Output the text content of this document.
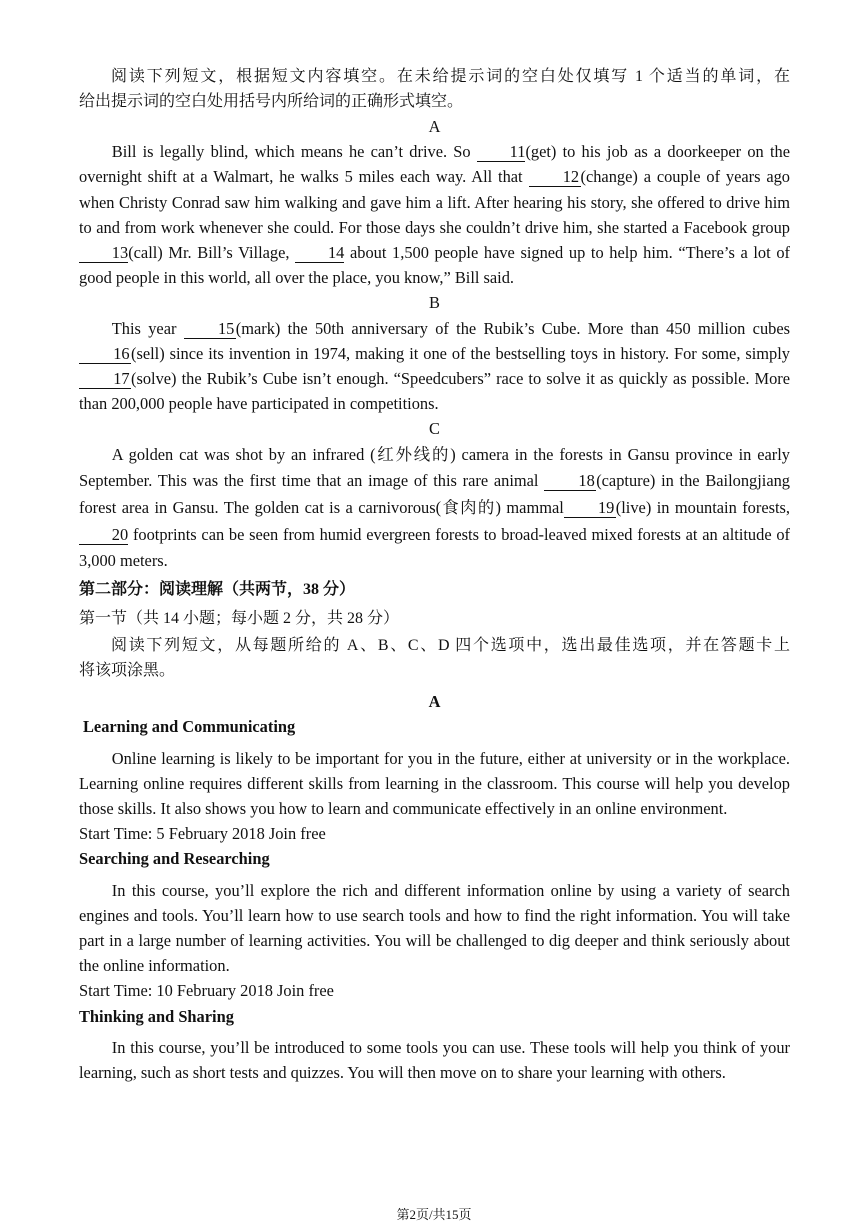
阅读下列短文，根据短文内容填空。在未给提示词的空白处仅填写 1 个适当的单词，在

给出提示词的空白处用括号内所给词的正确形式填空。

A

Bill is legally blind, which means he can’t drive. So 11(get) to his job as a doorkeeper on the overnight shift at a Walmart, he walks 5 miles each way. All that 12(change) a couple of years ago when Christy Conrad saw him walking and gave him a lift. After hearing his story, she offered to drive him to and from work whenever she could. For those days she couldn’t drive him, she started a Facebook group 13(call) Mr. Bill’s Village, 14 about 1,500 people have signed up to help him. “There’s a lot of good people in this world, all over the place, you know,” Bill said.

B

This year	15(mark) the 50th anniversary of the Rubik’s Cube. More than 450 million cubes16(sell) since its invention in 1974, making it one of the bestselling toys in history. For some, simply 17(solve) the Rubik’s Cube isn’t enough. “Speedcubers” race to solve it as quickly as possible. More than 200,000 people have participated in competitions.

C

A golden cat was shot by an infrared (红外线的) camera in the forests in Gansu province in early September. This was the first time that an image of this rare animal 18(capture) in the Bailongjiang forest area in Gansu. The golden cat is a carnivorous(食肉的) mammal 19(live) in mountain forests, 20 footprints can be seen from humid evergreen forests to broad-leaved mixed forests at an altitude of 3,000 meters.

第二部分：阅读理解（共两节，38 分）

第一节（共 14 小题；每小题 2 分，共 28 分）

阅读下列短文，从每题所给的 A、B、C、D 四个选项中，选出最佳选项，并在答题卡上

将该项涂黑。

A

Learning and Communicating

Online learning is likely to be important for you in the future, either at university or in the workplace. Learning online requires different skills from learning in the classroom. This course will help you develop those skills. It also shows you how to learn and communicate effectively in an online environment.

Start Time: 5 February 2018 Join free

Searching and Researching

In this course, you’ll explore the rich and different information online by using a variety of search engines and tools. You’ll learn how to use search tools and how to find the right information. You will take part in a large number of learning activities. You will be challenged to dig deeper and think seriously about the online information.

Start Time: 10 February 2018 Join free

Thinking and Sharing

In this course, you’ll be introduced to some tools you can use. These tools will help you think of your learning, such as short tests and quizzes. You will then move on to share your learning with others.

第2页/共15页
